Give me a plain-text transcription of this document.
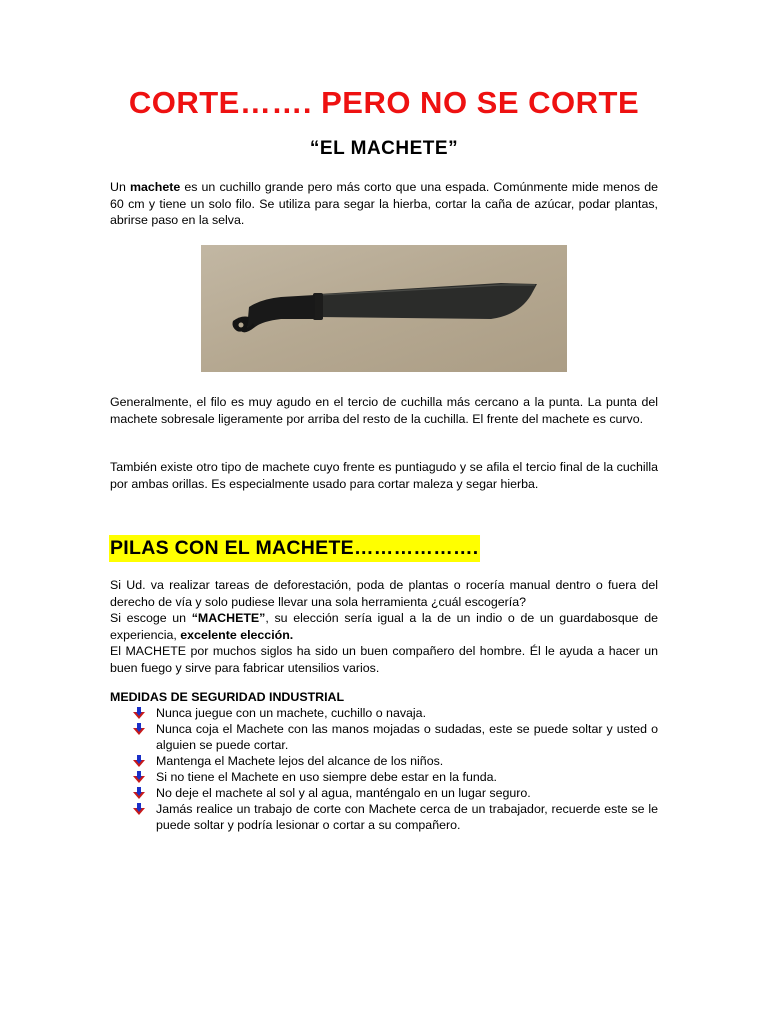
CORTE……. PERO NO SE CORTE
“EL MACHETE”
Un machete es un cuchillo grande pero más corto que una espada. Comúnmente mide menos de 60 cm y tiene un solo filo. Se utiliza para segar la hierba, cortar la caña de azúcar, podar plantas, abrirse paso en la selva.
Generalmente, el filo es muy agudo en el tercio de cuchilla más cercano a la punta. La punta del machete sobresale ligeramente por arriba del resto de la cuchilla. El frente del machete es curvo.
También existe otro tipo de machete cuyo frente es puntiagudo y se afila el tercio final de la cuchilla por ambas orillas. Es especialmente usado para cortar maleza y segar hierba.
PILAS CON EL MACHETE……………….
Si Ud. va realizar tareas de deforestación, poda de plantas o rocería manual dentro o fuera del derecho de vía y solo pudiese llevar una sola herramienta ¿cuál escogería?
Si escoge un “MACHETE”, su elección sería igual a la de un indio o de un guardabosque de experiencia, excelente elección.
El MACHETE por muchos siglos ha sido un buen compañero del hombre. Él le ayuda a hacer un buen fuego y sirve para fabricar utensilios varios.
MEDIDAS DE SEGURIDAD INDUSTRIAL
Nunca juegue con un machete, cuchillo o navaja.
Nunca coja el Machete con las manos mojadas o sudadas, este se puede soltar y usted o alguien se puede cortar.
Mantenga el Machete lejos del alcance de los niños.
Si no tiene el Machete en uso siempre debe estar en la funda.
No deje el machete al sol y al agua, manténgalo en un lugar seguro.
Jamás realice un trabajo de corte con Machete cerca de un trabajador, recuerde este se le puede soltar y podría lesionar o cortar a su compañero.
